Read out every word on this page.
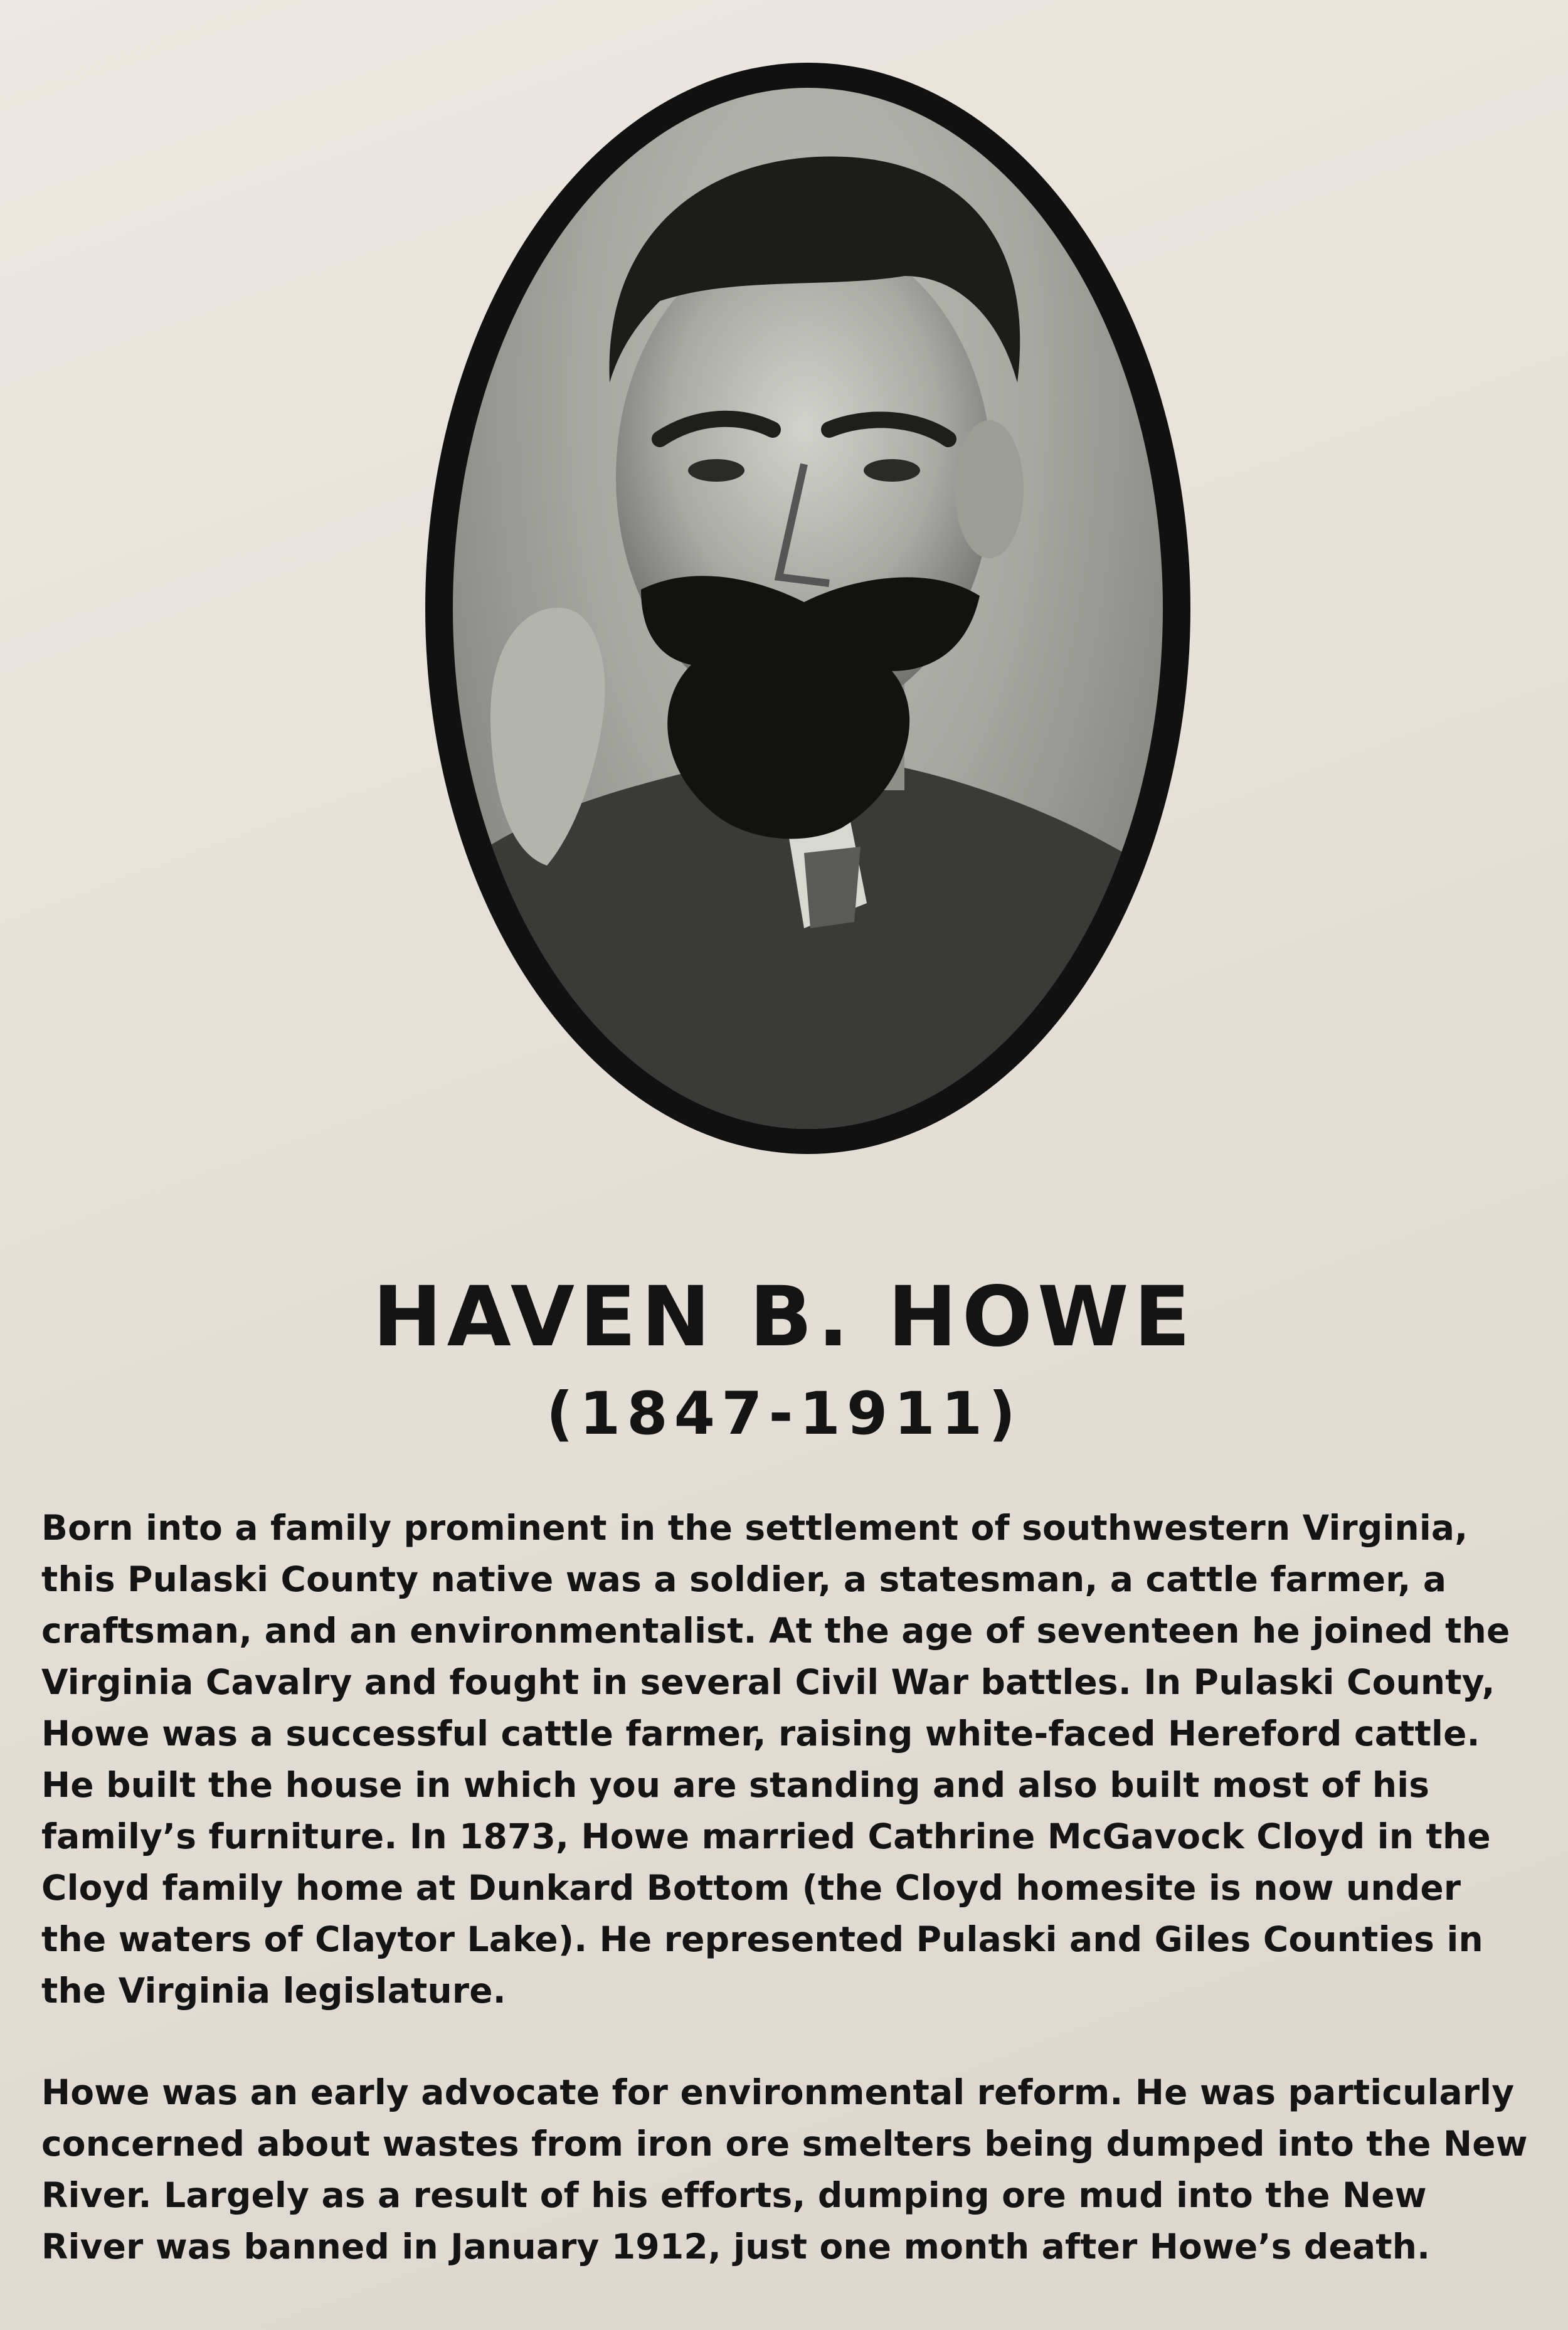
HAVEN B. HOWE
(1847-1911)

Born into a family prominent in the settlement of southwestern Virginia, this Pulaski County native was a soldier, a statesman, a cattle farmer, a craftsman, and an environmentalist. At the age of seventeen he joined the Virginia Cavalry and fought in several Civil War battles. In Pulaski County, Howe was a successful cattle farmer, raising white-faced Hereford cattle. He built the house in which you are standing and also built most of his family’s furniture. In 1873, Howe married Cathrine McGavock Cloyd in the Cloyd family home at Dunkard Bottom (the Cloyd homesite is now under the waters of Claytor Lake). He represented Pulaski and Giles Counties in the Virginia legislature.

Howe was an early advocate for environmental reform. He was particularly concerned about wastes from iron ore smelters being dumped into the New River. Largely as a result of his efforts, dumping ore mud into the New River was banned in January 1912, just one month after Howe’s death.
